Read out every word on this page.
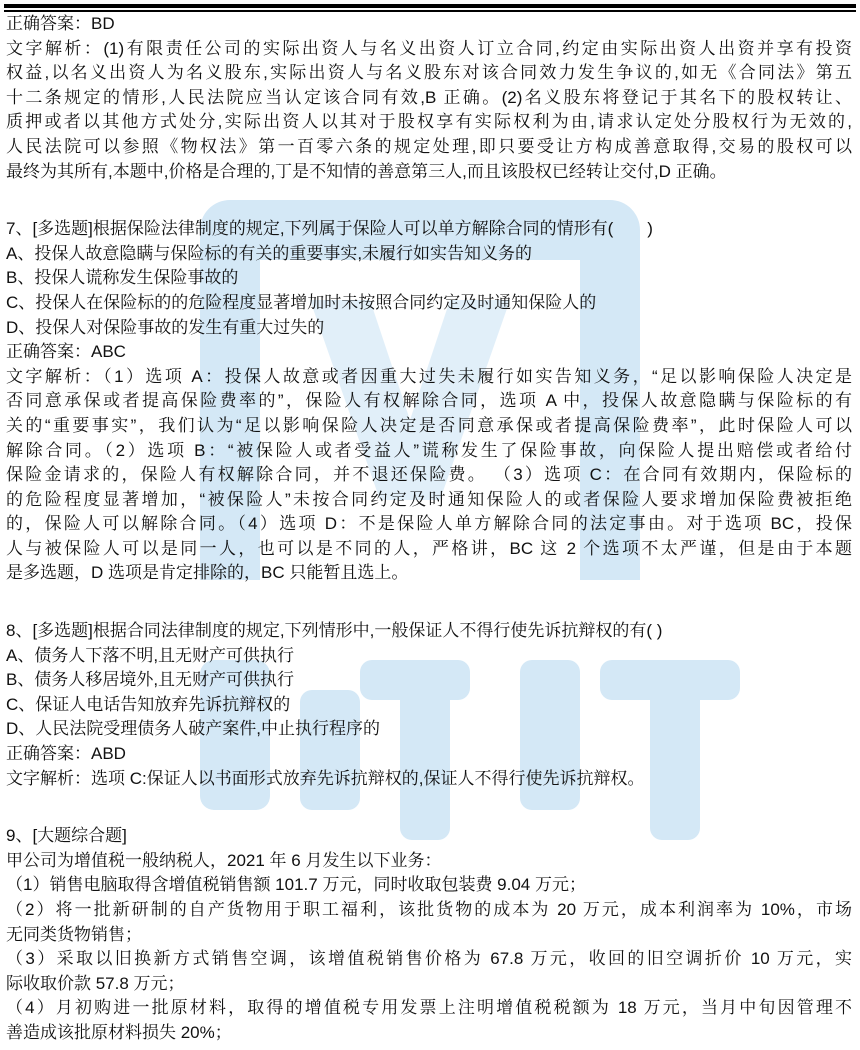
正确答案：BD
文字解析：(1)有限责任公司的实际出资人与名义出资人订立合同,约定由实际出资人出资并享有投资
权益,以名义出资人为名义股东,实际出资人与名义股东对该合同效力发生争议的,如无《合同法》第五
十二条规定的情形,人民法院应当认定该合同有效,B 正确。(2)名义股东将登记于其名下的股权转让、
质押或者以其他方式处分,实际出资人以其对于股权享有实际权利为由,请求认定处分股权行为无效的,
人民法院可以参照《物权法》第一百零六条的规定处理,即只要受让方构成善意取得,交易的股权可以
最终为其所有,本题中,价格是合理的,丁是不知情的善意第三人,而且该股权已经转让交付,D 正确。
7、[多选题]根据保险法律制度的规定,下列属于保险人可以单方解除合同的情形有(　　)
A、投保人故意隐瞒与保险标的有关的重要事实,未履行如实告知义务的
B、投保人谎称发生保险事故的
C、投保人在保险标的的危险程度显著增加时未按照合同约定及时通知保险人的
D、投保人对保险事故的发生有重大过失的
正确答案：ABC
文字解析：（1）选项 A：投保人故意或者因重大过失未履行如实告知义务，“足以影响保险人决定是
否同意承保或者提高保险费率的”，保险人有权解除合同，选项 A 中，投保人故意隐瞒与保险标的有
关的“重要事实”，我们认为“足以影响保险人决定是否同意承保或者提高保险费率”，此时保险人可以
解除合同。（2）选项 B：“被保险人或者受益人”谎称发生了保险事故，向保险人提出赔偿或者给付
保险金请求的，保险人有权解除合同，并不退还保险费。 （3）选项 C：在合同有效期内，保险标的
的危险程度显著增加，“被保险人”未按合同约定及时通知保险人的或者保险人要求增加保险费被拒绝
的，保险人可以解除合同。（4）选项 D：不是保险人单方解除合同的法定事由。对于选项 BC，投保
人与被保险人可以是同一人，也可以是不同的人，严格讲，BC 这 2 个选项不太严谨，但是由于本题
是多选题，D 选项是肯定排除的，BC 只能暂且选上。
8、[多选题]根据合同法律制度的规定,下列情形中,一般保证人不得行使先诉抗辩权的有( )
A、债务人下落不明,且无财产可供执行
B、债务人移居境外,且无财产可供执行
C、保证人电话告知放弃先诉抗辩权的
D、人民法院受理债务人破产案件,中止执行程序的
正确答案：ABD
文字解析：选项 C:保证人以书面形式放弃先诉抗辩权的,保证人不得行使先诉抗辩权。
9、[大题综合题]
甲公司为增值税一般纳税人，2021 年 6 月发生以下业务：
（1）销售电脑取得含增值税销售额 101.7 万元，同时收取包装费 9.04 万元；
（2）将一批新研制的自产货物用于职工福利，该批货物的成本为 20 万元，成本利润率为 10%，市场
无同类货物销售；
（3）采取以旧换新方式销售空调，该增值税销售价格为 67.8 万元，收回的旧空调折价 10 万元，实
际收取价款 57.8 万元；
（4）月初购进一批原材料，取得的增值税专用发票上注明增值税税额为 18 万元，当月中旬因管理不
善造成该批原材料损失 20%；
